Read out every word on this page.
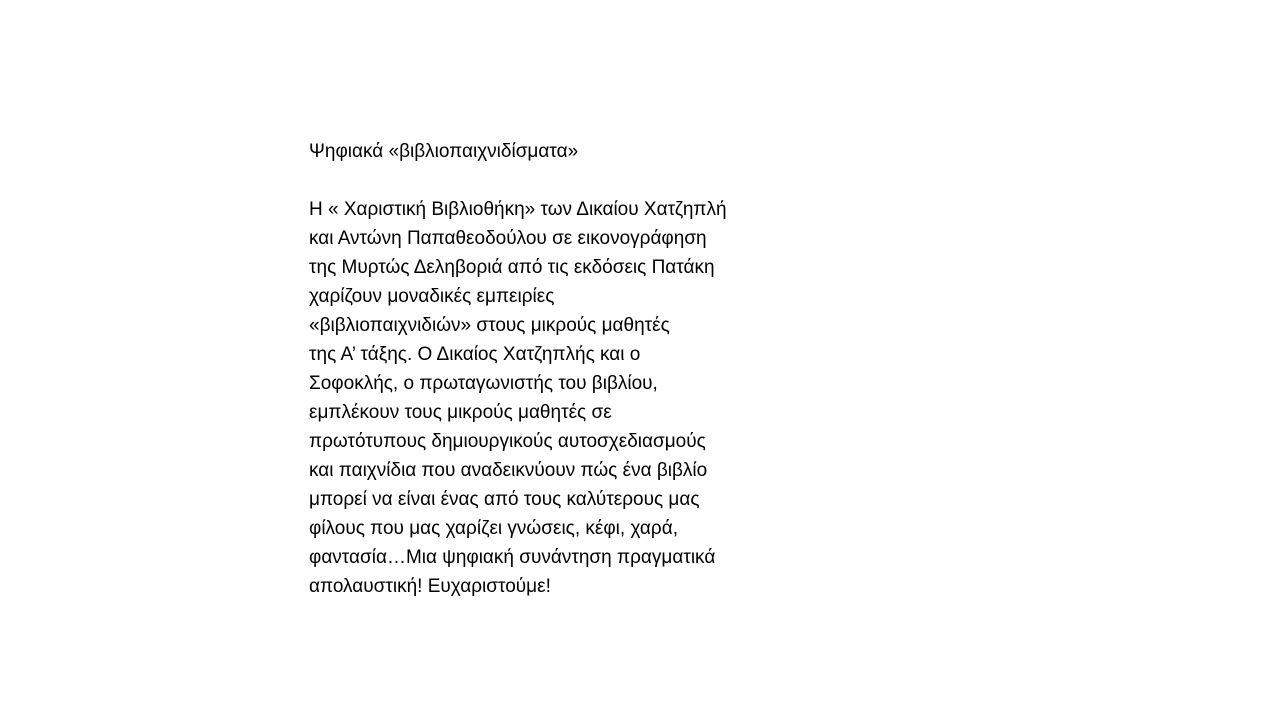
Ψηφιακά «βιβλιοπαιχνιδίσματα»
Η « Χαριστική Βιβλιοθήκη» των Δικαίου Χατζηπλή
και Αντώνη Παπαθεοδούλου σε εικονογράφηση
της Μυρτώς Δεληβοριά από τις εκδόσεις Πατάκη
χαρίζουν μοναδικές εμπειρίες
«βιβλιοπαιχνιδιών» στους μικρούς μαθητές
της Α’ τάξης. Ο Δικαίος Χατζηπλής και ο
Σοφοκλής, ο πρωταγωνιστής του βιβλίου,
εμπλέκουν τους μικρούς μαθητές σε
πρωτότυπους δημιουργικούς αυτοσχεδιασμούς
και παιχνίδια που αναδεικνύουν πώς ένα βιβλίο
μπορεί να είναι ένας από τους καλύτερους μας
φίλους που μας χαρίζει γνώσεις, κέφι, χαρά,
φαντασία…Μια ψηφιακή συνάντηση πραγματικά
απολαυστική! Ευχαριστούμε!
